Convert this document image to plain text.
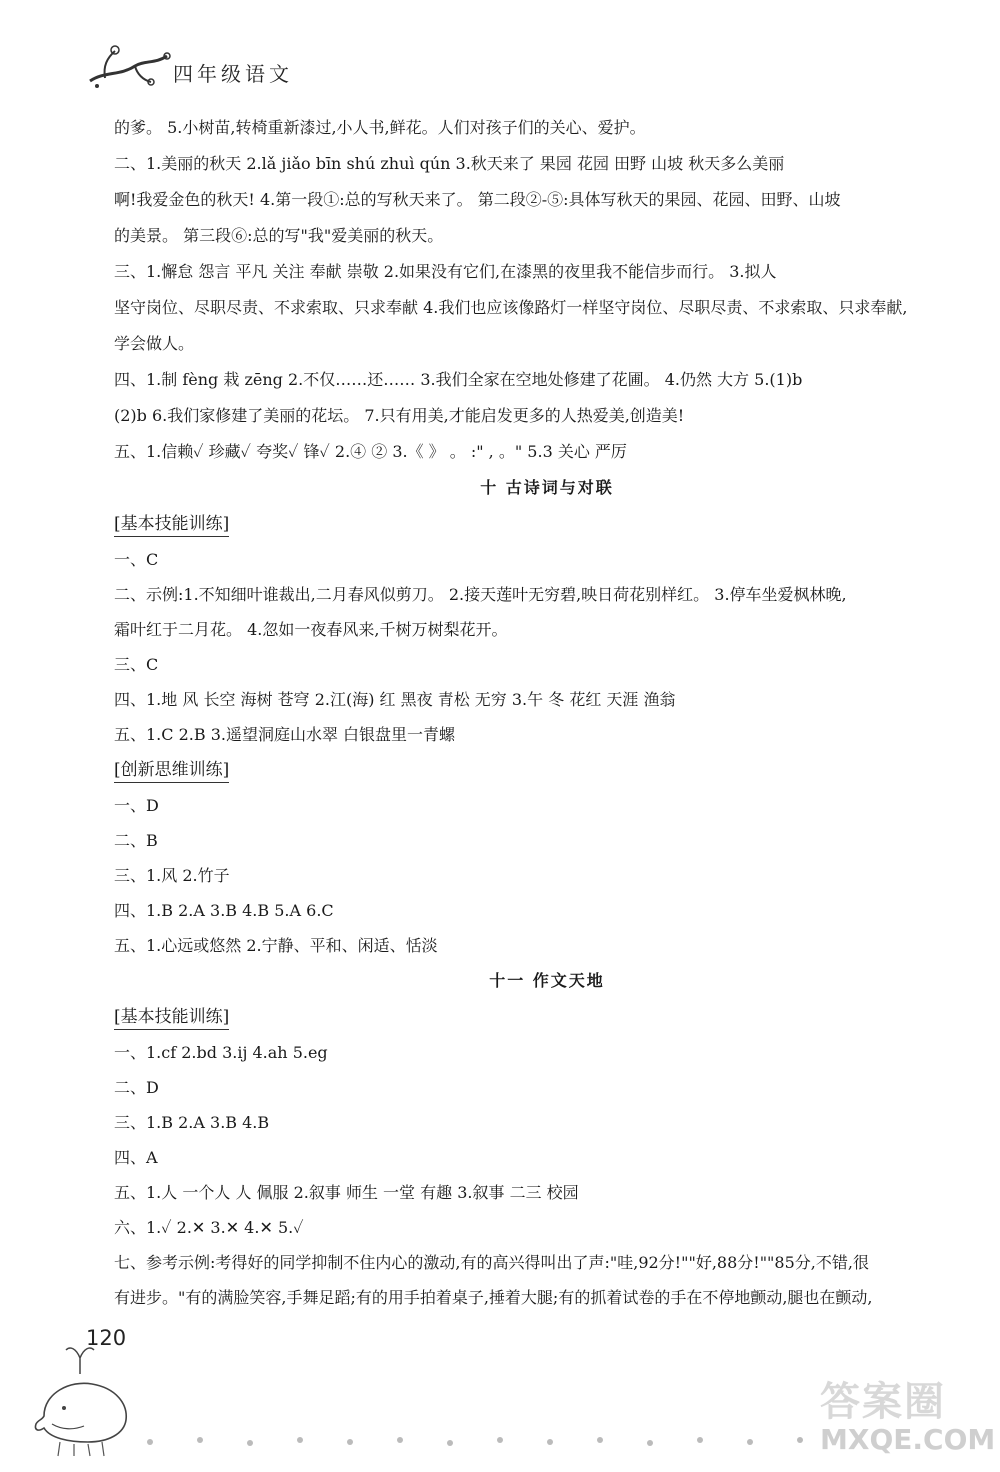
四年级语文
的爹。 5.小树苗,转椅重新漆过,小人书,鲜花。人们对孩子们的关心、爱护。
二、1.美丽的秋天 2.lǎ jiǎo bīn shú zhuì qún 3.秋天来了 果园 花园 田野 山坡 秋天多么美丽
啊!我爱金色的秋天! 4.第一段①:总的写秋天来了。 第二段②-⑤:具体写秋天的果园、花园、田野、山坡
的美景。 第三段⑥:总的写"我"爱美丽的秋天。
三、1.懈怠 怨言 平凡 关注 奉献 崇敬 2.如果没有它们,在漆黑的夜里我不能信步而行。 3.拟人
坚守岗位、尽职尽责、不求索取、只求奉献 4.我们也应该像路灯一样坚守岗位、尽职尽责、不求索取、只求奉献,
学会做人。
四、1.制 fèng 栽 zēng 2.不仅……还…… 3.我们全家在空地处修建了花圃。 4.仍然 大方 5.(1)b
(2)b 6.我们家修建了美丽的花坛。 7.只有用美,才能启发更多的人热爱美,创造美!
五、1.信赖✓ 珍藏✓ 夸奖✓ 锋✓ 2.④ ② 3.《 》 。 :" , 。" 5.3 关心 严厉
十 古诗词与对联
[基本技能训练]
一、C
二、示例:1.不知细叶谁裁出,二月春风似剪刀。 2.接天莲叶无穷碧,映日荷花别样红。 3.停车坐爱枫林晚,
霜叶红于二月花。 4.忽如一夜春风来,千树万树梨花开。
三、C
四、1.地 风 长空 海树 苍穹 2.江(海) 红 黑夜 青松 无穷 3.午 冬 花红 天涯 渔翁
五、1.C 2.B 3.遥望洞庭山水翠 白银盘里一青螺
[创新思维训练]
一、D
二、B
三、1.风 2.竹子
四、1.B 2.A 3.B 4.B 5.A 6.C
五、1.心远或悠然 2.宁静、平和、闲适、恬淡
十一 作文天地
[基本技能训练]
一、1.cf 2.bd 3.ij 4.ah 5.eg
二、D
三、1.B 2.A 3.B 4.B
四、A
五、1.人 一个人 人 佩服 2.叙事 师生 一堂 有趣 3.叙事 二三 校园
六、1.✓ 2.✕ 3.✕ 4.✕ 5.✓
七、参考示例:考得好的同学抑制不住内心的激动,有的高兴得叫出了声:"哇,92分!""好,88分!""85分,不错,很
有进步。"有的满脸笑容,手舞足蹈;有的用手拍着桌子,捶着大腿;有的抓着试卷的手在不停地颤动,腿也在颤动,
120
答案圈
MXQE.COM
